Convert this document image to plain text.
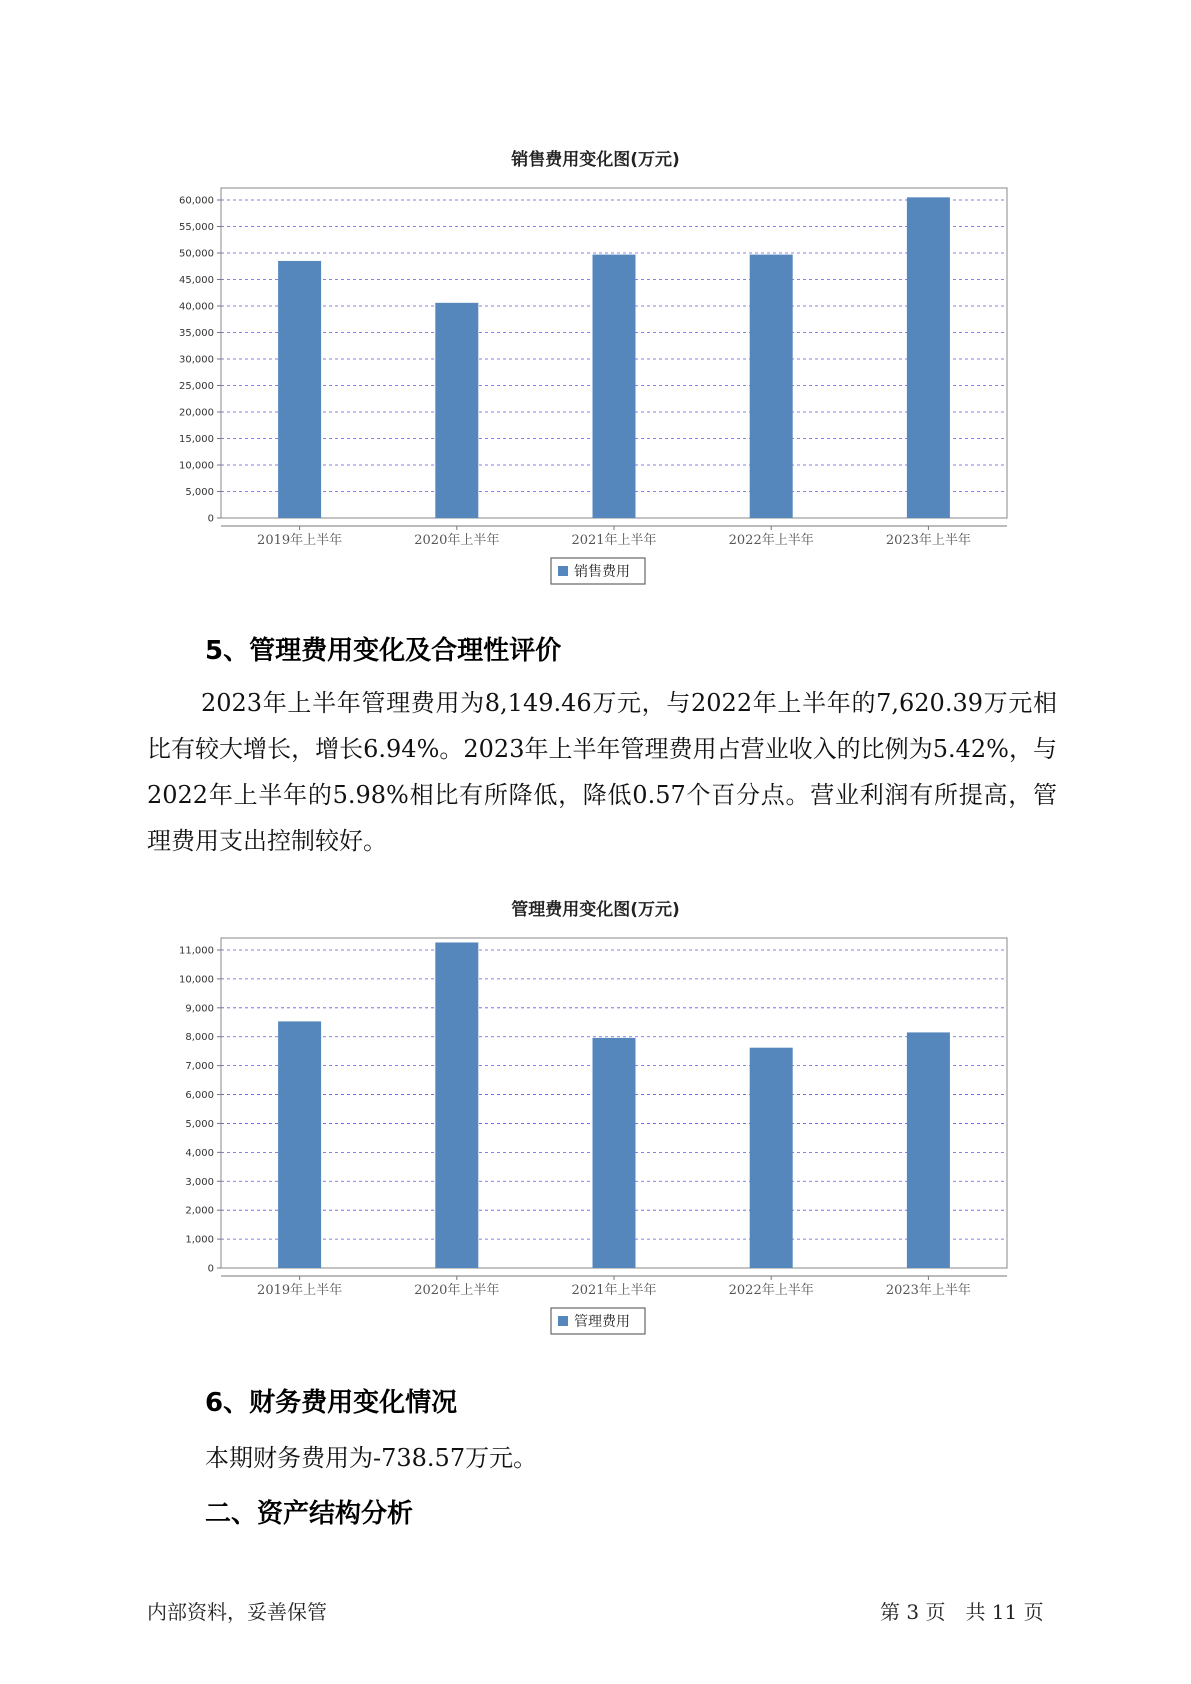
销售费用变化图(万元)
0
5,000
10,000
15,000
20,000
25,000
30,000
35,000
40,000
45,000
50,000
55,000
60,000
2019年上半年	2020年上半年	2021年上半年	2022年上半年	2023年上半年
销售费用
5、管理费用变化及合理性评价
2023年上半年管理费用为8,149.46万元，与2022年上半年的7,620.39万元相比有较大增长，增长6.94%。2023年上半年管理费用占营业收入的比例为5.42%，与2022年上半年的5.98%相比有所降低，降低0.57个百分点。营业利润有所提高，管理费用支出控制较好。
管理费用变化图(万元)
0
1,000
2,000
3,000
4,000
5,000
6,000
7,000
8,000
9,000
10,000
11,000
2019年上半年	2020年上半年	2021年上半年	2022年上半年	2023年上半年
管理费用
6、财务费用变化情况
本期财务费用为-738.57万元。
二、资产结构分析
内部资料，妥善保管	第 3 页　共 11 页
